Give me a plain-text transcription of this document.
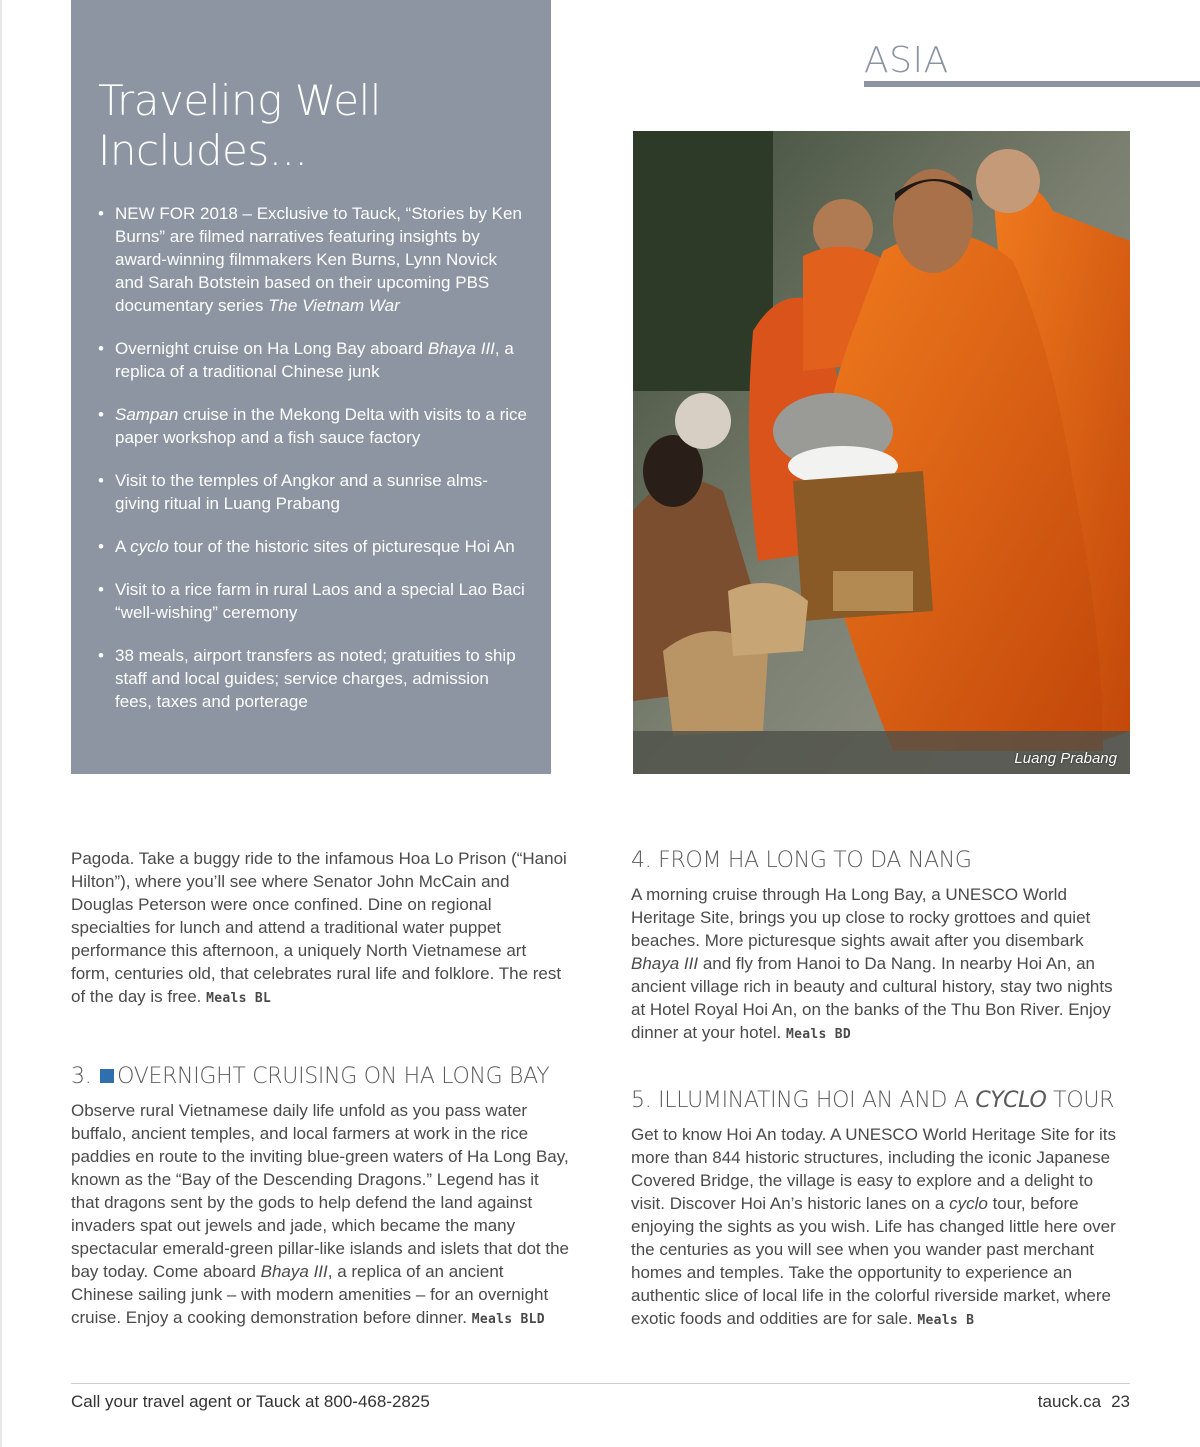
Traveling Well
Includes...
• NEW FOR 2018 – Exclusive to Tauck, “Stories by Ken Burns” are filmed narratives featuring insights by award-winning filmmakers Ken Burns, Lynn Novick and Sarah Botstein based on their upcoming PBS documentary series The Vietnam War
• Overnight cruise on Ha Long Bay aboard Bhaya III, a replica of a traditional Chinese junk
• Sampan cruise in the Mekong Delta with visits to a rice paper workshop and a fish sauce factory
• Visit to the temples of Angkor and a sunrise alms-giving ritual in Luang Prabang
• A cyclo tour of the historic sites of picturesque Hoi An
• Visit to a rice farm in rural Laos and a special Lao Baci “well-wishing” ceremony
• 38 meals, airport transfers as noted; gratuities to ship staff and local guides; service charges, admission fees, taxes and porterage
ASIA
Luang Prabang

Pagoda. Take a buggy ride to the infamous Hoa Lo Prison (“Hanoi Hilton”), where you’ll see where Senator John McCain and Douglas Peterson were once confined. Dine on regional specialties for lunch and attend a traditional water puppet performance this afternoon, a uniquely North Vietnamese art form, centuries old, that celebrates rural life and folklore. The rest of the day is free. Meals BL

3. OVERNIGHT CRUISING ON HA LONG BAY

Observe rural Vietnamese daily life unfold as you pass water buffalo, ancient temples, and local farmers at work in the rice paddies en route to the inviting blue-green waters of Ha Long Bay, known as the “Bay of the Descending Dragons.” Legend has it that dragons sent by the gods to help defend the land against invaders spat out jewels and jade, which became the many spectacular emerald-green pillar-like islands and islets that dot the bay today. Come aboard Bhaya III, a replica of an ancient Chinese sailing junk – with modern amenities – for an overnight cruise. Enjoy a cooking demonstration before dinner. Meals BLD

4. FROM HA LONG TO DA NANG

A morning cruise through Ha Long Bay, a UNESCO World Heritage Site, brings you up close to rocky grottoes and quiet beaches. More picturesque sights await after you disembark Bhaya III and fly from Hanoi to Da Nang. In nearby Hoi An, an ancient village rich in beauty and cultural history, stay two nights at Hotel Royal Hoi An, on the banks of the Thu Bon River. Enjoy dinner at your hotel. Meals BD

5. ILLUMINATING HOI AN AND A CYCLO TOUR

Get to know Hoi An today. A UNESCO World Heritage Site for its more than 844 historic structures, including the iconic Japanese Covered Bridge, the village is easy to explore and a delight to visit. Discover Hoi An’s historic lanes on a cyclo tour, before enjoying the sights as you wish. Life has changed little here over the centuries as you will see when you wander past merchant homes and temples. Take the opportunity to experience an authentic slice of local life in the colorful riverside market, where exotic foods and oddities are for sale. Meals B

Call your travel agent or Tauck at 800-468-2825	tauck.ca 23
